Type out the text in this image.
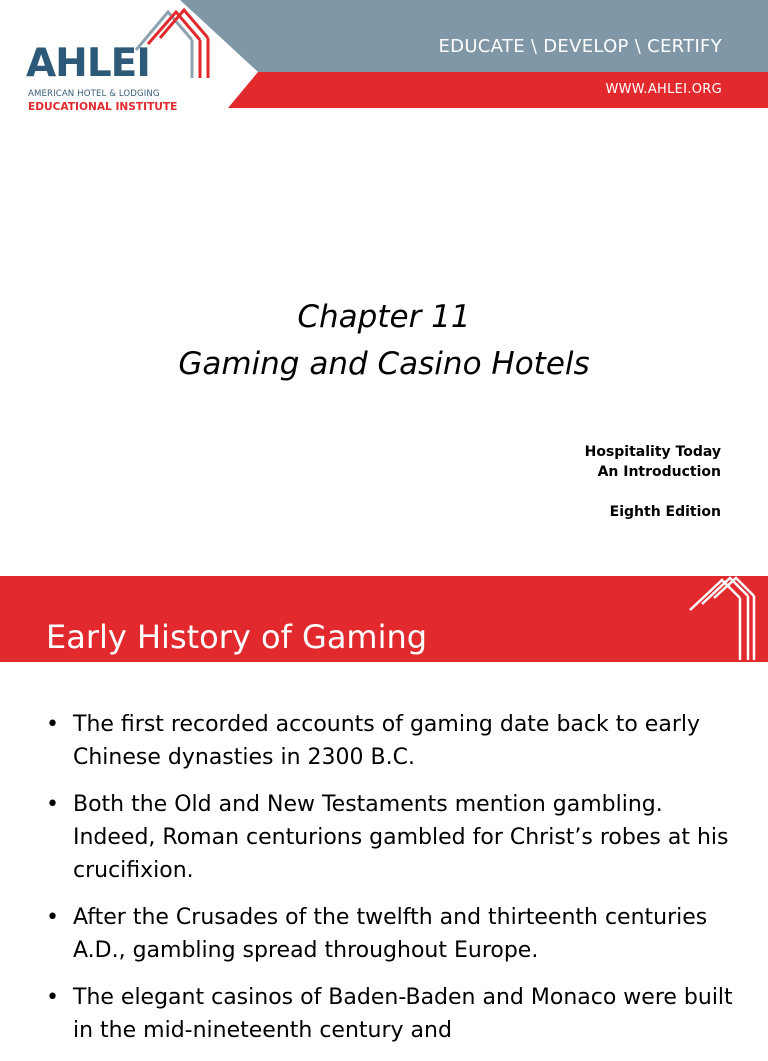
EDUCATE \ DEVELOP \ CERTIFY
WWW.AHLEI.ORG
AHLEI
AMERICAN HOTEL & LODGING
EDUCATIONAL INSTITUTE
Chapter 11
Gaming and Casino Hotels
Hospitality Today
An Introduction
Eighth Edition
Early History of Gaming
• The first recorded accounts of gaming date back to early Chinese dynasties in 2300 B.C.
• Both the Old and New Testaments mention gambling. Indeed, Roman centurions gambled for Christ’s robes at his crucifixion.
• After the Crusades of the twelfth and thirteenth centuries A.D., gambling spread throughout Europe.
• The elegant casinos of Baden-Baden and Monaco were built in the mid-nineteenth century and
